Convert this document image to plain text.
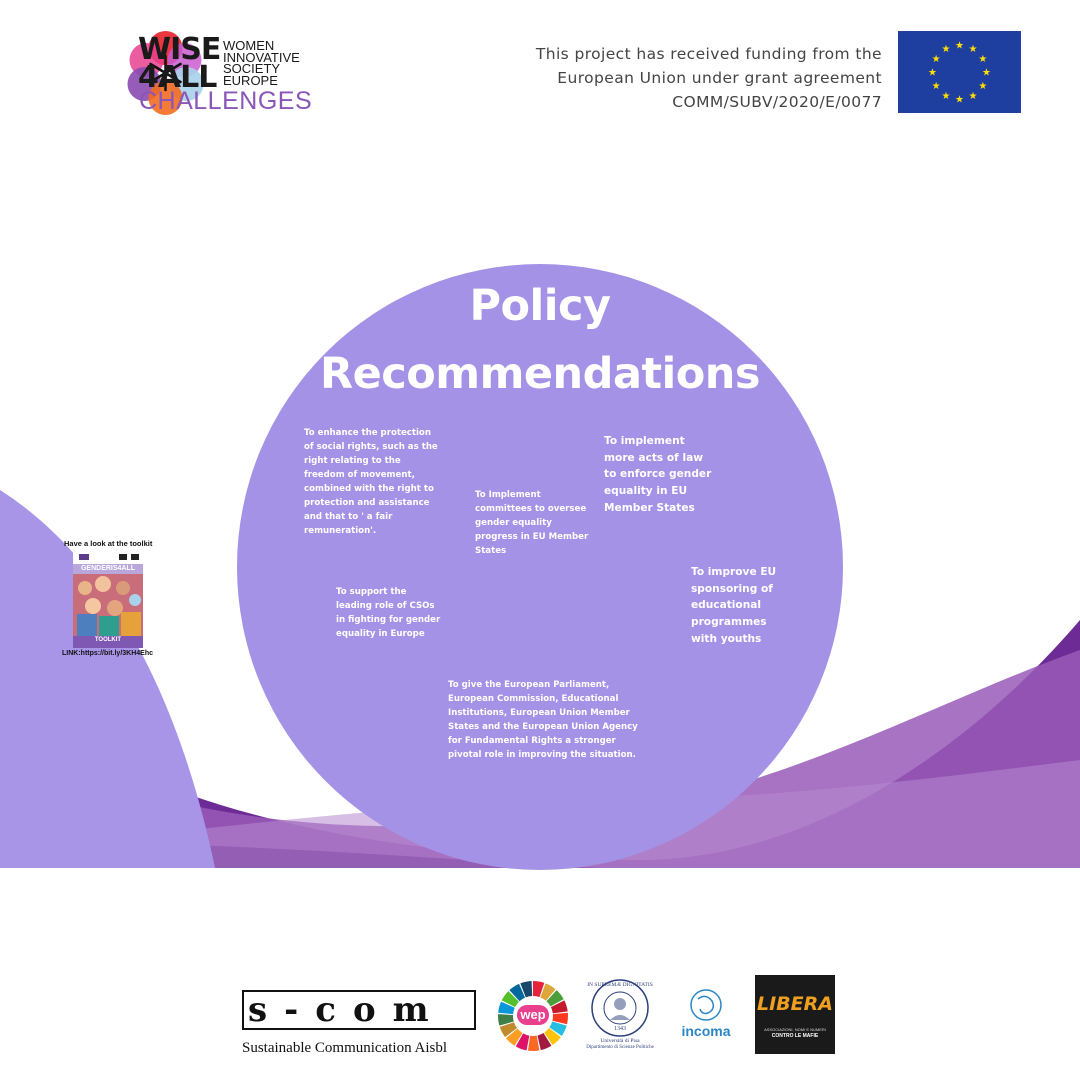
WISE
4ALL
WOMEN
INNOVATIVE
SOCIETY
EUROPE
CHALLENGES
This project has received funding from the
European Union under grant agreement
COMM/SUBV/2020/E/0077
★ ★
★
★
★
★
★
★
★
★
★
★
Policy
Recommendations
To enhance the protection of social rights, such as the right relating to the freedom of movement, combined with the right to protection and assistance and that to ' a fair remuneration'.
To Implement committees to oversee gender equality progress in EU Member States
To implement more acts of law to enforce gender equality in EU Member States
To improve EU sponsoring of educational programmes with youths
To support the leading role of CSOs in fighting for gender equality in Europe
To give the European Parliament, European Commission, Educational Institutions, European Union Member States and the European Union Agency for Fundamental Rights a stronger pivotal role in improving the situation.
Have a look at the toolkit
GENDERIS4ALL
TOOLKIT
LINK:https://bit.ly/3KH4Ehc
s-com
Sustainable Communication Aisbl
wep
IN SUPREMÆ DIGNITATIS
1343
Università di Pisa
Dipartimento di Scienze Politiche
incoma
LIBERA
ASSOCIAZIONI, NOMI E NUMERI
CONTRO LE MAFIE
